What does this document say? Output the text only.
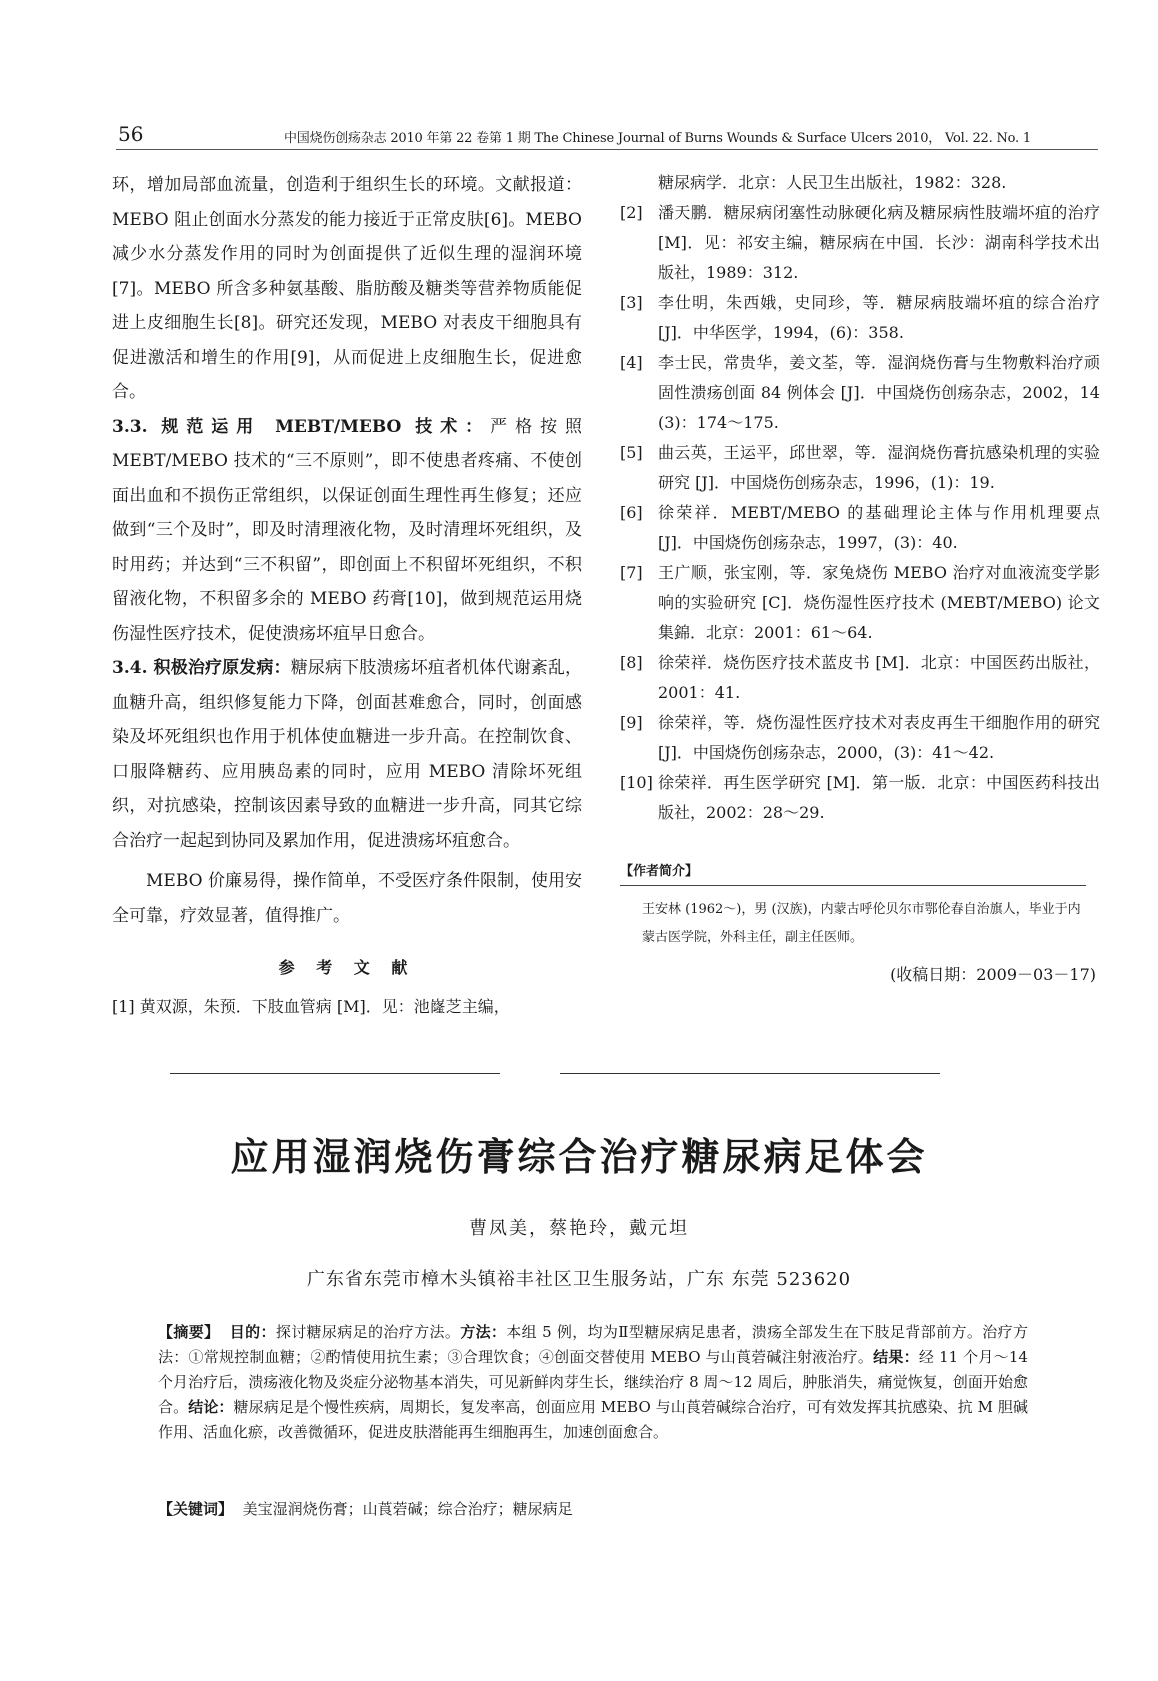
56	中国烧伤创疡杂志 2010 年第 22 卷第 1 期 The Chinese Journal of Burns Wounds & Surface Ulcers 2010， Vol. 22. No. 1

环，增加局部血流量，创造利于组织生长的环境。文献报道：MEBO 阻止创面水分蒸发的能力接近于正常皮肤[6]。MEBO 减少水分蒸发作用的同时为创面提供了近似生理的湿润环境[7]。MEBO 所含多种氨基酸、脂肪酸及糖类等营养物质能促进上皮细胞生长[8]。研究还发现，MEBO 对表皮干细胞具有促进激活和增生的作用[9]，从而促进上皮细胞生长，促进愈合。

3.3. 规范运用 MEBT/MEBO 技术：严格按照 MEBT/MEBO 技术的“三不原则”，即不使患者疼痛、不使创面出血和不损伤正常组织，以保证创面生理性再生修复；还应做到“三个及时”，即及时清理液化物，及时清理坏死组织，及时用药；并达到“三不积留”，即创面上不积留坏死组织，不积留液化物，不积留多余的 MEBO 药膏[10]，做到规范运用烧伤湿性医疗技术，促使溃疡坏疽早日愈合。

3.4. 积极治疗原发病：糖尿病下肢溃疡坏疽者机体代谢紊乱，血糖升高，组织修复能力下降，创面甚难愈合，同时，创面感染及坏死组织也作用于机体使血糖进一步升高。在控制饮食、口服降糖药、应用胰岛素的同时，应用 MEBO 清除坏死组织，对抗感染，控制该因素导致的血糖进一步升高，同其它综合治疗一起起到协同及累加作用，促进溃疡坏疽愈合。

MEBO 价廉易得，操作简单，不受医疗条件限制，使用安全可靠，疗效显著，值得推广。

参 考 文 献
[1] 黄双源，朱预．下肢血管病 [M]．见：池嶐芝主编，
糖尿病学．北京：人民卫生出版社，1982：328.
[2] 潘天鹏．糖尿病闭塞性动脉硬化病及糖尿病性肢端坏疽的治疗 [M]．见：祁安主编，糖尿病在中国．长沙：湖南科学技术出版社，1989：312.
[3] 李仕明，朱西娥，史同珍，等．糖尿病肢端坏疽的综合治疗 [J]．中华医学，1994，(6)：358.
[4] 李士民，常贵华，姜文荃，等．湿润烧伤膏与生物敷料治疗顽固性溃疡创面 84 例体会 [J]．中国烧伤创疡杂志，2002，14 (3)：174～175.
[5] 曲云英，王运平，邱世翠，等．湿润烧伤膏抗感染机理的实验研究 [J]．中国烧伤创疡杂志，1996，(1)：19.
[6] 徐荣祥．MEBT/MEBO 的基础理论主体与作用机理要点 [J]．中国烧伤创疡杂志，1997，(3)：40.
[7] 王广顺，张宝刚，等．家兔烧伤 MEBO 治疗对血液流变学影响的实验研究 [C]．烧伤湿性医疗技术 (MEBT/MEBO) 论文集錦．北京：2001：61～64.
[8] 徐荣祥．烧伤医疗技术蓝皮书 [M]．北京：中国医药出版社，2001：41.
[9] 徐荣祥，等．烧伤湿性医疗技术对表皮再生干细胞作用的研究 [J]．中国烧伤创疡杂志，2000，(3)：41～42.
[10] 徐荣祥．再生医学研究 [M]．第一版．北京：中国医药科技出版社，2002：28～29.
【作者简介】
王安林 (1962～)，男 (汉族)，内蒙古呼伦贝尔市鄂伦春自治旗人，毕业于内蒙古医学院，外科主任，副主任医师。
(收稿日期：2009－03－17)
应用湿润烧伤膏综合治疗糖尿病足体会
曹凤美，蔡艳玲，戴元坦
广东省东莞市樟木头镇裕丰社区卫生服务站，广东 东莞 523620
【摘要】 目的：探讨糖尿病足的治疗方法。方法：本组 5 例，均为Ⅱ型糖尿病足患者，溃疡全部发生在下肢足背部前方。治疗方法：①常规控制血糖；②酌情使用抗生素；③合理饮食；④创面交替使用 MEBO 与山莨菪碱注射液治疗。结果：经 11 个月～14 个月治疗后，溃疡液化物及炎症分泌物基本消失，可见新鲜肉芽生长，继续治疗 8 周～12 周后，肿胀消失，痛觉恢复，创面开始愈合。结论：糖尿病足是个慢性疾病，周期长，复发率高，创面应用 MEBO 与山莨菪碱综合治疗，可有效发挥其抗感染、抗 M 胆碱作用、活血化瘀，改善微循环，促进皮肤潜能再生细胞再生，加速创面愈合。
【关键词】 美宝湿润烧伤膏；山莨菪碱；综合治疗；糖尿病足
